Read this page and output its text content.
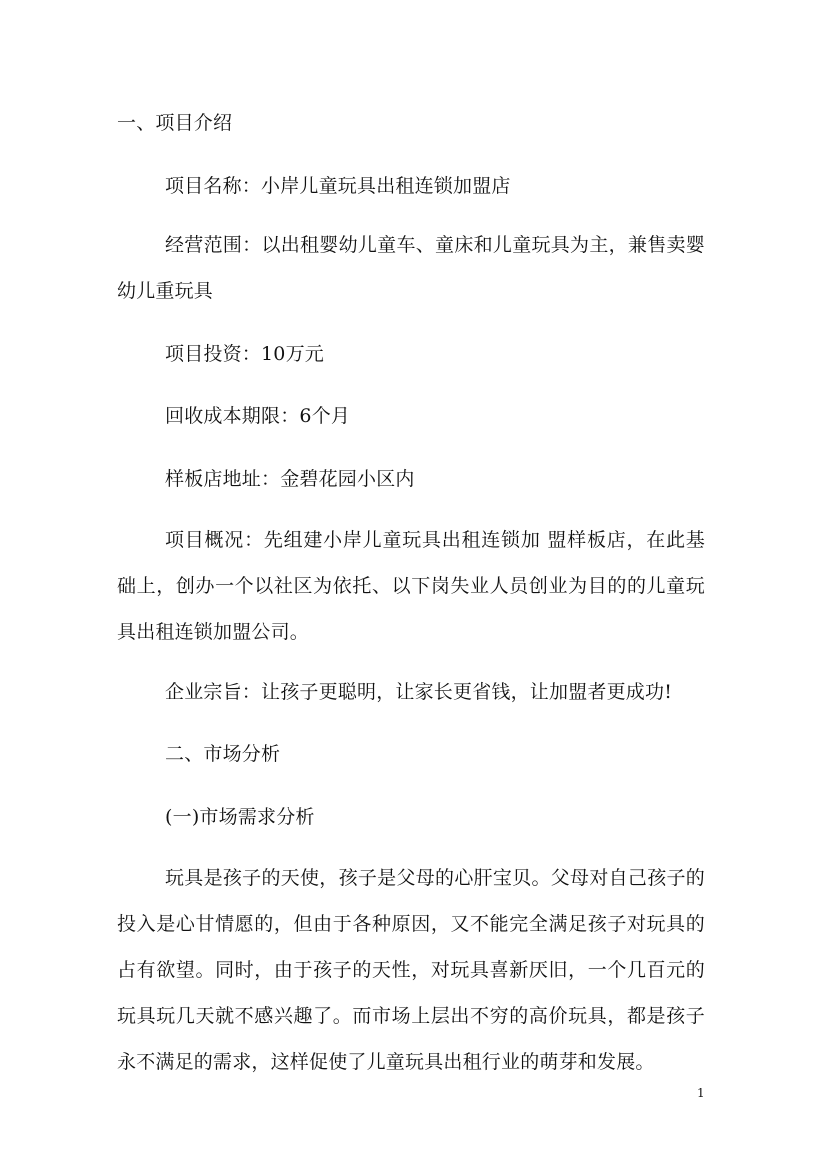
一、项目介绍
项目名称：小岸儿童玩具出租连锁加盟店
经营范围：以出租婴幼儿童车、童床和儿童玩具为主，兼售卖婴幼儿重玩具
项目投资：10万元
回收成本期限：6个月
样板店地址：金碧花园小区内
项目概况：先组建小岸儿童玩具出租连锁加 盟样板店，在此基础上，创办一个以社区为依托、以下岗失业人员创业为目的的儿童玩具出租连锁加盟公司。
企业宗旨：让孩子更聪明，让家长更省钱，让加盟者更成功!
二、市场分析
(一)市场需求分析
玩具是孩子的天使，孩子是父母的心肝宝贝。父母对自己孩子的投入是心甘情愿的，但由于各种原因，又不能完全满足孩子对玩具的占有欲望。同时，由于孩子的天性，对玩具喜新厌旧，一个几百元的玩具玩几天就不感兴趣了。而市场上层出不穷的高价玩具，都是孩子永不满足的需求，这样促使了儿童玩具出租行业的萌芽和发展。
1
